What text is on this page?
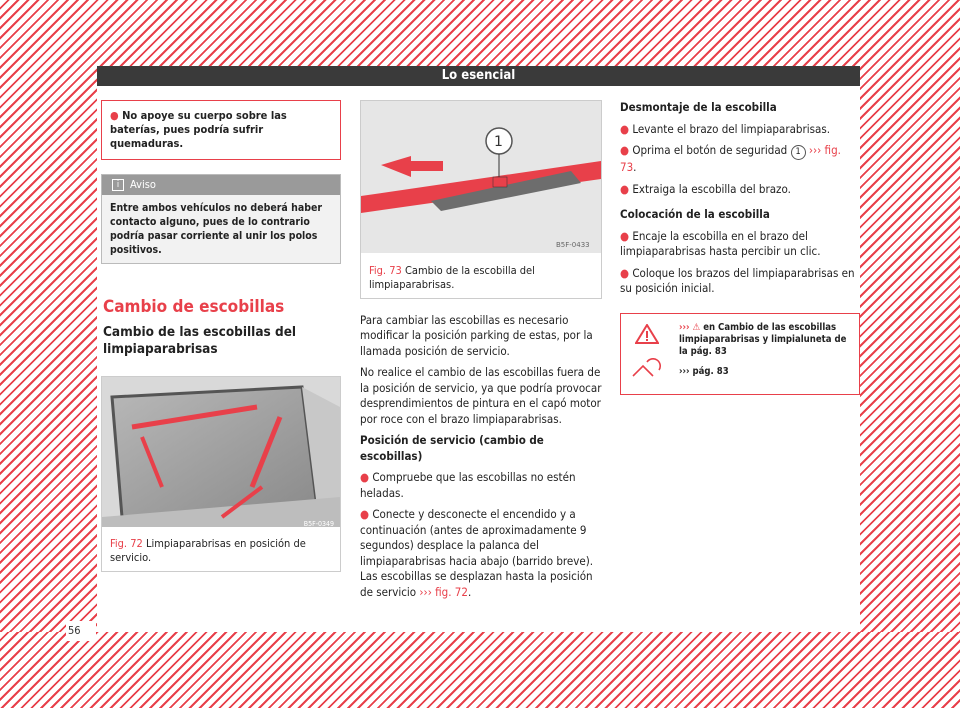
Lo esencial
56
● No apoye su cuerpo sobre las baterías, pues podría sufrir quemaduras.
i Aviso
Entre ambos vehículos no deberá haber contacto alguno, pues de lo contrario podría pasar corriente al unir los polos positivos.
Cambio de escobillas
Cambio de las escobillas del limpiaparabrisas
B5F-0349
Fig. 72 Limpiaparabrisas en posición de servicio.
1
B5F-0433
Fig. 73 Cambio de la escobilla del limpiaparabrisas.

Para cambiar las escobillas es necesario modificar la posición parking de estas, por la llamada posición de servicio.

No realice el cambio de las escobillas fuera de la posición de servicio, ya que podría provocar desprendimientos de pintura en el capó motor por roce con el brazo limpiaparabrisas.

Posición de servicio (cambio de escobillas)

● Compruebe que las escobillas no estén heladas.

● Conecte y desconecte el encendido y a continuación (antes de aproximadamente 9 segundos) desplace la palanca del limpiaparabrisas hacia abajo (barrido breve). Las escobillas se desplazan hasta la posición de servicio ››› fig. 72.

Desmontaje de la escobilla

● Levante el brazo del limpiaparabrisas.

● Oprima el botón de seguridad 1 ››› fig. 73.

● Extraiga la escobilla del brazo.

Colocación de la escobilla

● Encaje la escobilla en el brazo del limpiaparabrisas hasta percibir un clic.

● Coloque los brazos del limpiaparabrisas en su posición inicial.

››› ⚠ en Cambio de las escobillas limpiaparabrisas y limpialuneta de la pág. 83
››› pág. 83
